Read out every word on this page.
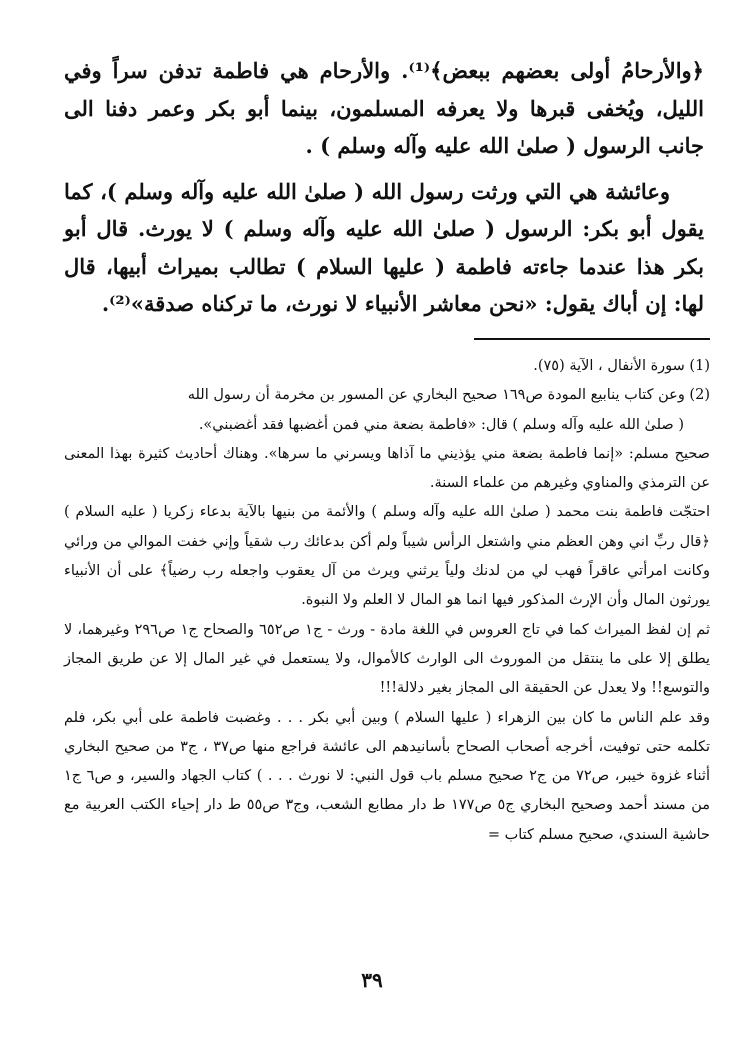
﴿والأرحامُ أولى بعضهم ببعض﴾⁽¹⁾. والأرحام هي فاطمة تدفن سراً وفي الليل، ويُخفى قبرها ولا يعرفه المسلمون، بينما أبو بكر وعمر دفنا الى جانب الرسول ( صلىٰ الله عليه وآله وسلم ) .

وعائشة هي التي ورثت رسول الله ( صلىٰ الله عليه وآله وسلم )، كما يقول أبو بكر: الرسول ( صلىٰ الله عليه وآله وسلم ) لا يورث. قال أبو بكر هذا عندما جاءته فاطمة ( عليها السلام ) تطالب بميراث أبيها، قال لها: إن أباك يقول: «نحن معاشر الأنبياء لا نورث، ما تركناه صدقة»⁽²⁾.

(1) سورة الأنفال ، الآية (٧٥).

(2) وعن كتاب ينابيع المودة ص١٦٩ صحيح البخاري عن المسور بن مخرمة أن رسول الله

( صلىٰ الله عليه وآله وسلم ) قال: «فاطمة بضعة مني فمن أغضبها فقد أغضبني».

صحيح مسلم: «إنما فاطمة بضعة مني يؤذيني ما آذاها ويسرني ما سرها». وهناك أحاديث كثيرة بهذا المعنى عن الترمذي والمناوي وغيرهم من علماء السنة.

احتجّت فاطمة بنت محمد ( صلىٰ الله عليه وآله وسلم ) والأئمة من بنيها بالآية بدعاء زكريا ( عليه السلام ) ﴿قال ربِّ اني وهن العظم مني واشتعل الرأس شيباً ولم أكن بدعائك رب شقياً وإني خفت الموالي من ورائي وكانت امرأتي عاقراً فهب لي من لدنك ولياً يرثني ويرث من آل يعقوب واجعله رب رضياً﴾ على أن الأنبياء يورثون المال وأن الإرث المذكور فيها انما هو المال لا العلم ولا النبوة.

ثم إن لفظ الميراث كما في تاج العروس في اللغة مادة - ورث - ج١ ص٦٥٢ والصحاح ج١ ص٢٩٦ وغيرهما، لا يطلق إلا على ما ينتقل من الموروث الى الوارث كالأموال، ولا يستعمل في غير المال إلا عن طريق المجاز والتوسع!! ولا يعدل عن الحقيقة الى المجاز بغير دلالة!!!

وقد علم الناس ما كان بين الزهراء ( عليها السلام ) وبين أبي بكر . . . وغضبت فاطمة على أبي بكر، فلم تكلمه حتى توفيت، أخرجه أصحاب الصحاح بأسانيدهم الى عائشة فراجع منها ص٣٧ ، ج٣ من صحيح البخاري أثناء غزوة خيبر، ص٧٢ من ج٢ صحيح مسلم باب قول النبي: لا نورث . . . ) كتاب الجهاد والسير، و ص٦ ج١ من مسند أحمد وصحيح البخاري ج٥ ص١٧٧ ط دار مطابع الشعب، وج٣ ص٥٥ ط دار إحياء الكتب العربية مع حاشية السندي، صحيح مسلم كتاب =

٣٩
